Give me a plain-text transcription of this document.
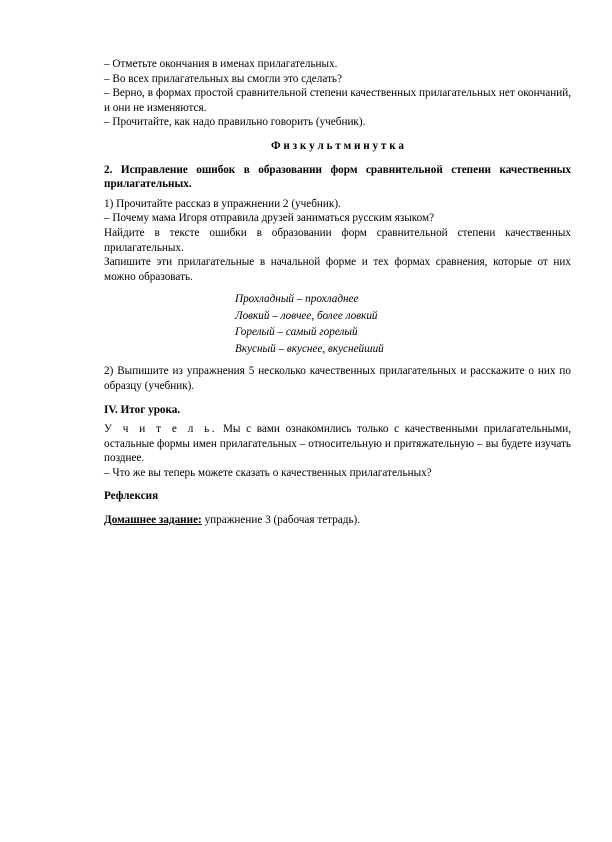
– Отметьте окончания в именах прилагательных.

– Во всех прилагательных вы смогли это сделать?

– Верно, в формах простой сравнительной степени качественных прилагательных нет окончаний, и они не изменяются.

– Прочитайте, как надо правильно говорить (учебник).

Ф и з к у л ь т м и н у т к а

2. Исправление ошибок в образовании форм сравнительной степени качественных прилагательных.

1) Прочитайте рассказ в упражнении 2 (учебник).

– Почему мама Игоря отправила друзей заниматься русским языком?

Найдите в тексте ошибки в образовании форм сравнительной степени качественных прилагательных.

Запишите эти прилагательные в начальной форме и тех формах сравнения, которые от них можно образовать.

Прохладный – прохладнее
Ловкий – ловчее, более ловкий
Горелый – самый горелый
Вкусный – вкуснее, вкуснейший

2) Выпишите из упражнения 5 несколько качественных прилагательных и расскажите о них по образцу (учебник).

IV. Итог урока.

У ч и т е л ь. Мы с вами ознакомились только с качественными прилагательными, остальные формы имен прилагательных – относительную и притяжательную – вы будете изучать позднее.

– Что же вы теперь можете сказать о качественных прилагательных?

Рефлексия

Домашнее задание: упражнение 3 (рабочая тетрадь).
